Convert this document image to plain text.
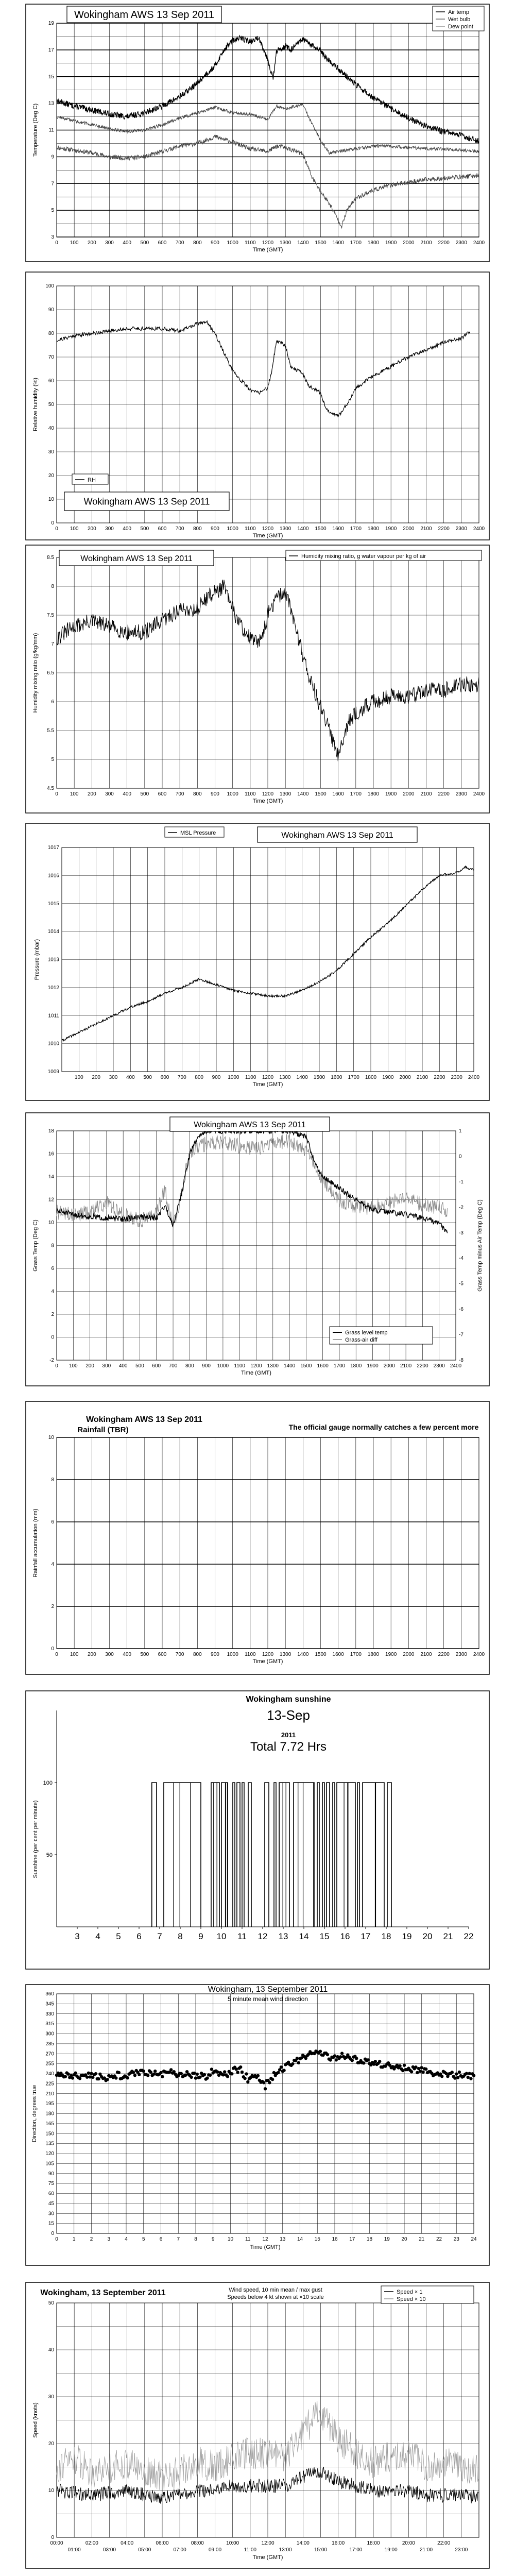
0 100 200 300 400 500 600 700 800 900 1000 1100 1200 1300 1400 1500 1600 1700 1800 1900 2000 2100 2200 2300 2400
3
5
7
9
11
13
15
17
19
Wokingham AWS 13 Sep 2011	Air temp
Wet bulb
Dew point
Temperature (Deg C)
Time (GMT)
0 100 200 300 400 500 600 700 800 900 1000 1100 1200 1300 1400 1500 1600 1700 1800 1900 2000 2100 2200 2300 2400
0
10
20
30
40
50
60
70
80
90
100
RH
Wokingham AWS 13 Sep 2011
Relative humidity (%)
Time (GMT)
0 100 200 300 400 500 600 700 800 900 1000 1100 1200 1300 1400 1500 1600 1700 1800 1900 2000 2100 2200 2300 2400
4.5
5
5.5
6
6.5
7
7.5
8
8.5	Wokingham AWS 13 Sep 2011	Humidity mixing ratio, g water vapour per kg of air
Humidity mixing ratio (g/kg/mm)
Time (GMT)
100 200 300 400 500 600 700 800 900 1000 1100 1200 1300 1400 1500 1600 1700 1800 1900 2000 2100 2200 2300 2400
1009
1010
1011
1012
1013
1014
1015
1016
1017
MSL Pressure	Wokingham AWS 13 Sep 2011
Pressure (mbar)
Time (GMT)
0 100 200 300 400 500 600 700 800 900 1000 1100 1200 1300 1400 1500 1600 1700 1800 1900 2000 2100 2200 2300 2400
-2
0
2
4
6
8
10
12
14
16
18
-8
-7
-6
-5
-4
-3
-2
-1
0
1
Wokingham AWS 13 Sep 2011
Grass level temp
Grass-air diff
Grass Temp (Deg C)	Grass Temp minus Air Temp (Deg C)
Time (GMT)
0 100 200 300 400 500 600 700 800 900 1000 1100 1200 1300 1400 1500 1600 1700 1800 1900 2000 2100 2200 2300 2400
0
2
4
6
8
10
Wokingham AWS 13 Sep 2011
Rainfall (TBR)	The official gauge normally catches a few percent more
Rainfall accumulation (mm)
Time (GMT)
50
100
3 4 5 6 7 8 9 10 11 12 13 14 15 16 17 18 19 20 21 22
Wokingham sunshine
13-Sep
2011
Total 7.72 Hrs
Sunshine (per cent per minute)
0	1	2	3	4	5	6	7	8	9	10 11 12 13 14 15 16 17 18 19 20 21 22 23 24
0
15
30
45
60
75
90
105
120
135
150
165
180
195
210
225
240
255
270
285
300
315
330
345
360
Wokingham, 13 September 2011
5 minute mean wind direction
Direction, degrees true
Time (GMT)
0
10
20
30
40
50
00:00	02:00	04:00	06:00	08:00	10:00	12:00	14:00	16:00	18:00	20:00	22:00
01:00	03:00	05:00	07:00	09:00	11:00	13:00	15:00	17:00	19:00	21:00	23:00
Wokingham, 13 September 2011	Wind speed, 10 min mean / max gust
Speeds below 4 kt shown at ×10 scale
Speed × 1
Speed × 10
Speed (knots)
Time (GMT)
